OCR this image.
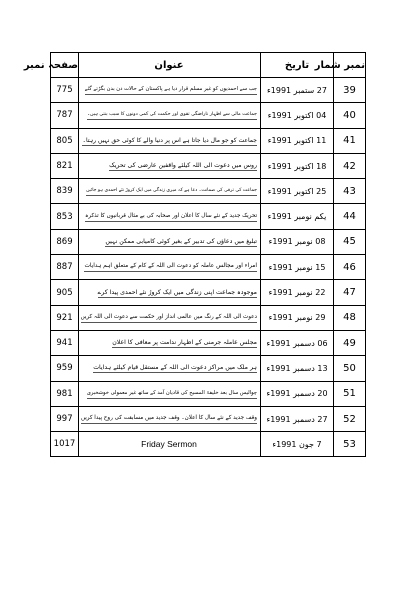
صفحہ نمبر	عنوان	تاریخ	نمبر شمار
775	جب سے احمدیوں کو غیر مسلم قرار دیا ہے پاکستان کے حالات دن بدن بگڑتے گئے	27 ستمبر 1991ء	39
787	جماعت مالی سے اظہار ناراضگی تقوی اور حکمت کی کمی دونوں کا سبب بنتی ہیں۔	04 اکتوبر 1991ء	40
805	جماعت کو جو مال دیا جاتا ہے اس پر دنیا والے کا کوئی حق نہیں رہتا۔	11 اکتوبر 1991ء	41
821	روس میں دعوت الی اللہ کیلئے واقفین عارضی کی تحریک	18 اکتوبر 1991ء	42
839	جماعت کی ترقی کی ضمانت۔ دعا ہے کہ میری زندگی میں ایک کروڑ نئے احمدی ہو جائیں	25 اکتوبر 1991ء	43
853	تحریک جدید کے نئے سال کا اعلان اور صحابہ کی بے مثال قربانیوں کا تذکرہ	یکم نومبر 1991ء	44
869	تبلیغ میں دعاؤں کی تدبیر کے بغیر کوئی کامیابی ممکن نہیں	08 نومبر 1991ء	45
887	امراء اور مجالس عاملہ کو دعوت الی اللہ کے کام کے متعلق اہم ہدایات	15 نومبر 1991ء	46
905	موجودہ جماعت اپنی زندگی میں ایک کروڑ نئے احمدی پیدا کرے	22 نومبر 1991ء	47
921	دعوت الی اللہ کے رنگ میں عالمی انداز اور حکمت سے دعوت الی اللہ کریں	29 نومبر 1991ء	48
941	مجلس عاملہ جرمنی کے اظہار ندامت پر معافی کا اعلان	06 دسمبر 1991ء	49
959	ہر ملک میں مراکز دعوت الی اللہ کے مستقل قیام کیلئے ہدایات	13 دسمبر 1991ء	50
981	چوالیس سال بعد خلیفۃ المسیح کی قادیان آمد کے ساتھ غیر معمولی خوشخبری	20 دسمبر 1991ء	51
997	وقف جدید کے نئے سال کا اعلان۔ وقف جدید میں مسابقت کی روح پیدا کریں	27 دسمبر 1991ء	52
1017	Friday Sermon	7 جون 1991ء	53
